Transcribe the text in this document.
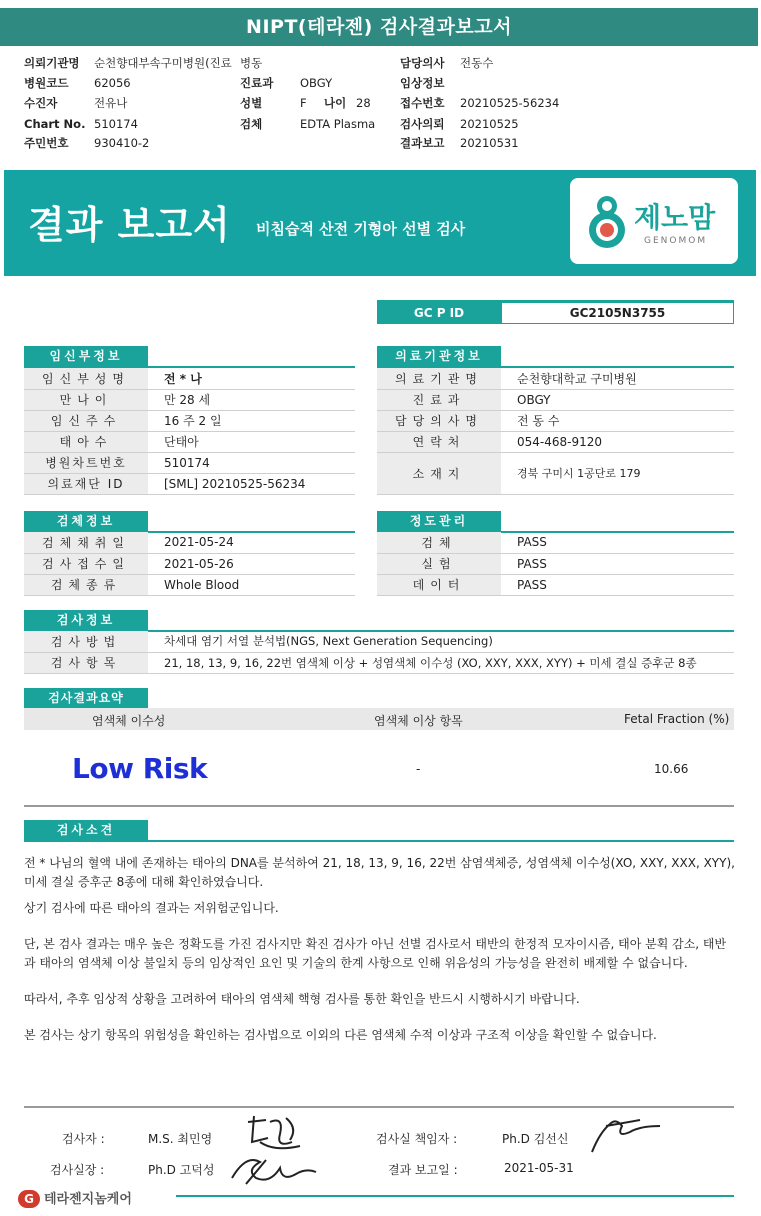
NIPT(테라젠) 검사결과보고서
의뢰기관명 순천향대부속구미병원(진료 병동	담당의사 전동수
병원코드 62056	진료과 OBGY	임상정보
수진자	전유나	성별	F 나이 28	접수번호 20210525-56234
Chart No. 510174	검체	EDTA Plasma 검사의뢰 20210525
주민번호 930410-2	결과보고 20210531
결과 보고서 비침습적 산전 기형아 선별 검사	제노맘
GENOMOM
GC P ID	GC2105N3755
임신부정보
임신부성명	전 * 나
만나이	만 28 세
임신주수	16 주 2 일
태아수	단태아
병원차트번호	510174
의료재단 ID	[SML] 20210525-56234
의료기관정보
의료기관명	순천향대학교 구미병원
진료과	OBGY
담당의사명	전 동 수
연락처	054-468-9120
소재지	경북 구미시 1공단로 179
검체정보
검체채취일	2021-05-24
검사접수일	2021-05-26
검체종류	Whole Blood
정도관리
검체	PASS
실험	PASS
데이터	PASS
검사정보
검사방법	차세대 염기 서열 분석법(NGS, Next Generation Sequencing)
검사항목	21, 18, 13, 9, 16, 22번 염색체 이상 + 성염색체 이수성 (XO, XXY, XXX, XYY) + 미세 결실 증후군 8종
검사결과요약
염색체 이수성	염색체 이상 항목	Fetal Fraction (%)
Low Risk	-	10.66
검사소견
전 * 나님의 혈액 내에 존재하는 태아의 DNA를 분석하여 21, 18, 13, 9, 16, 22번 삼염색체증, 성염색체 이수성(XO, XXY, XXX, XYY), 미세 결실 증후군 8종에 대해 확인하였습니다.
상기 검사에 따른 태아의 결과는 저위험군입니다.
단, 본 검사 결과는 매우 높은 정확도를 가진 검사지만 확진 검사가 아닌 선별 검사로서 태반의 한정적 모자이시즘, 태아 분획 감소, 태반과 태아의 염색체 이상 불일치 등의 임상적인 요인 및 기술의 한계 사항으로 인해 위음성의 가능성을 완전히 배제할 수 없습니다.
따라서, 추후 임상적 상황을 고려하여 태아의 염색체 핵형 검사를 통한 확인을 반드시 시행하시기 바랍니다.
본 검사는 상기 항목의 위험성을 확인하는 검사법으로 이외의 다른 염색체 수적 이상과 구조적 이상을 확인할 수 없습니다.
검사자 :	M.S. 최민영
검사실장 :	Ph.D 고덕성
검사실 책임자 :	Ph.D 김선신
결과 보고일 :	2021-05-31
G 테라젠지놈케어
